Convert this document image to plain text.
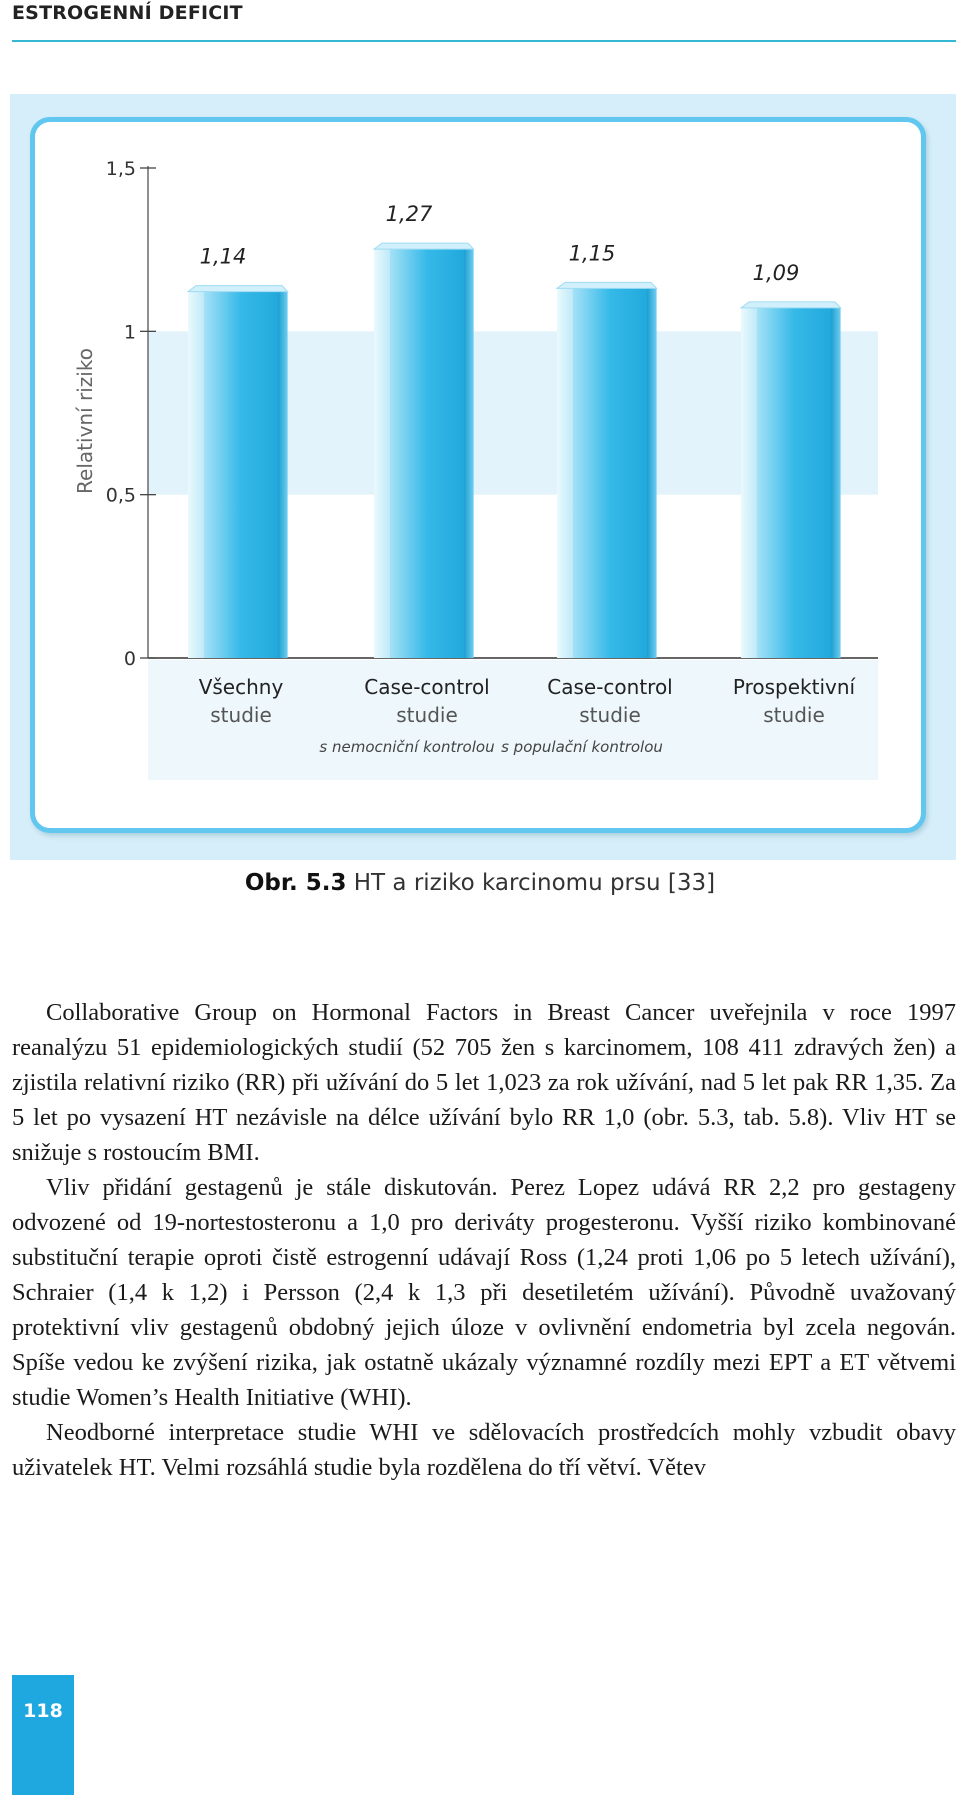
ESTROGENNÍ DEFICIT
0
0,5
1
1,5
Relativní riziko
1,14
Všechny
studie
1,27
Case-control
studie
s nemocniční kontrolou
1,15
Case-control
studie
s populační kontrolou
1,09
Prospektivní
studie
Obr. 5.3 HT a riziko karcinomu prsu [33]

Collaborative Group on Hormonal Factors in Breast Cancer uveřejnila v roce 1997 reanalýzu 51 epidemiologických studií (52 705 žen s karcinomem, 108 411 zdravých žen) a zjistila relativní riziko (RR) při užívání do 5 let 1,023 za rok užívání, nad 5 let pak RR 1,35. Za 5 let po vysazení HT nezávisle na délce užívání bylo RR 1,0 (obr. 5.3, tab. 5.8). Vliv HT se snižuje s rostoucím BMI.

Vliv přidání gestagenů je stále diskutován. Perez Lopez udává RR 2,2 pro gestageny odvozené od 19-nortestosteronu a 1,0 pro deriváty progesteronu. Vyšší riziko kombinované substituční terapie oproti čistě estrogenní udávají Ross (1,24 proti 1,06 po 5 letech užívání), Schraier (1,4 k 1,2) i Persson (2,4 k 1,3 při desetiletém užívání). Původně uvažovaný protektivní vliv gestagenů obdobný jejich úloze v ovlivnění endometria byl zcela negován. Spíše vedou ke zvýšení rizika, jak ostatně ukázaly významné rozdíly mezi EPT a ET větvemi studie Women’s Health Initiative (WHI).

Neodborné interpretace studie WHI ve sdělovacích prostředcích mohly vzbudit obavy uživatelek HT. Velmi rozsáhlá studie byla rozdělena do tří větví. Větev

118
